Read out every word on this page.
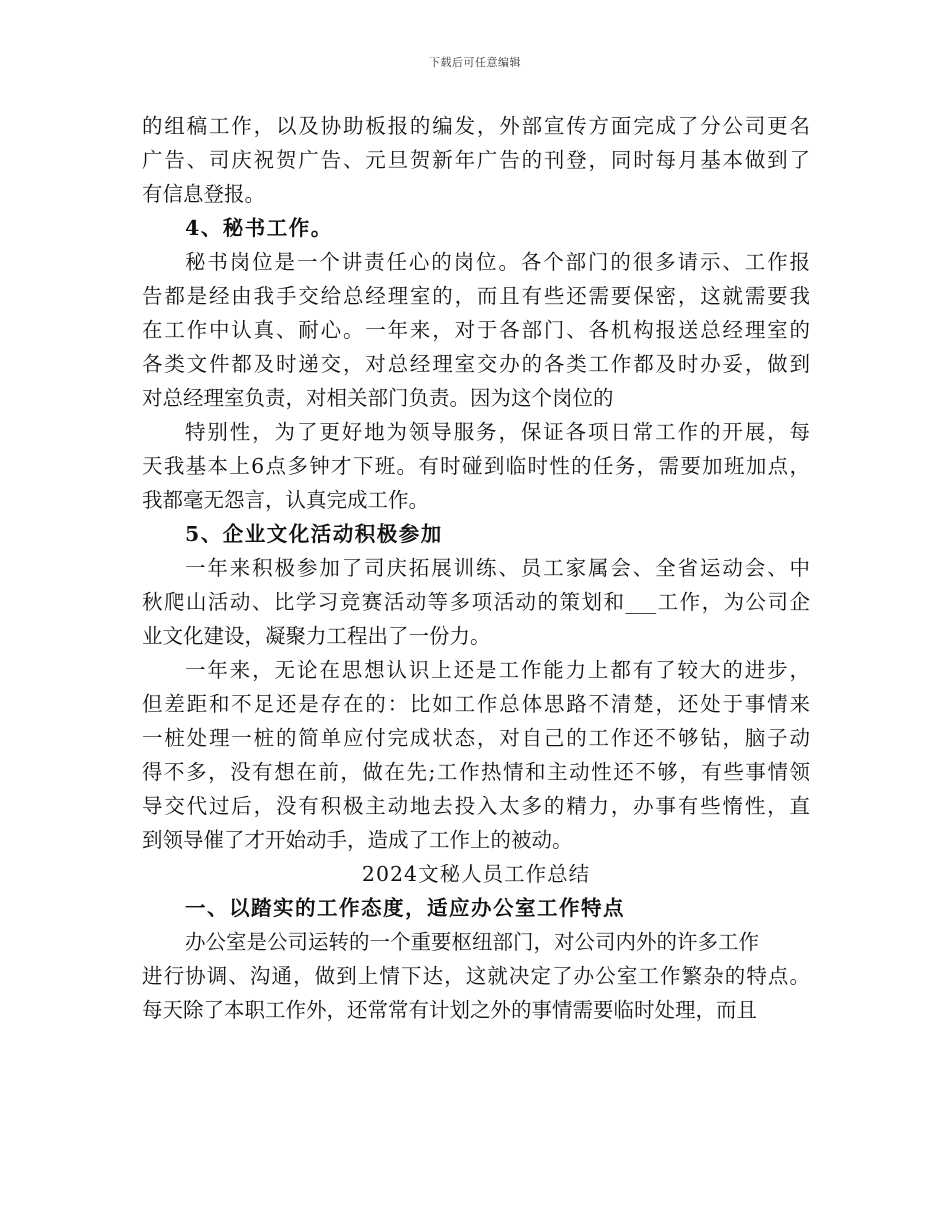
下载后可任意编辑
的组稿工作，以及协助板报的编发，外部宣传方面完成了分公司更名
广告、司庆祝贺广告、元旦贺新年广告的刊登，同时每月基本做到了
有信息登报。
4、秘书工作。
秘书岗位是一个讲责任心的岗位。各个部门的很多请示、工作报
告都是经由我手交给总经理室的，而且有些还需要保密，这就需要我
在工作中认真、耐心。一年来，对于各部门、各机构报送总经理室的
各类文件都及时递交，对总经理室交办的各类工作都及时办妥，做到
对总经理室负责，对相关部门负责。因为这个岗位的
特别性，为了更好地为领导服务，保证各项日常工作的开展，每
天我基本上6点多钟才下班。有时碰到临时性的任务，需要加班加点，
我都毫无怨言，认真完成工作。
5、企业文化活动积极参加
一年来积极参加了司庆拓展训练、员工家属会、全省运动会、中
秋爬山活动、比学习竞赛活动等多项活动的策划和___工作，为公司企
业文化建设，凝聚力工程出了一份力。
一年来，无论在思想认识上还是工作能力上都有了较大的进步，
但差距和不足还是存在的：比如工作总体思路不清楚，还处于事情来
一桩处理一桩的简单应付完成状态，对自己的工作还不够钻，脑子动
得不多，没有想在前，做在先;工作热情和主动性还不够，有些事情领
导交代过后，没有积极主动地去投入太多的精力，办事有些惰性，直
到领导催了才开始动手，造成了工作上的被动。
2024文秘人员工作总结
一、以踏实的工作态度，适应办公室工作特点
办公室是公司运转的一个重要枢纽部门，对公司内外的许多工作
进行协调、沟通，做到上情下达，这就决定了办公室工作繁杂的特点。
每天除了本职工作外，还常常有计划之外的事情需要临时处理，而且
